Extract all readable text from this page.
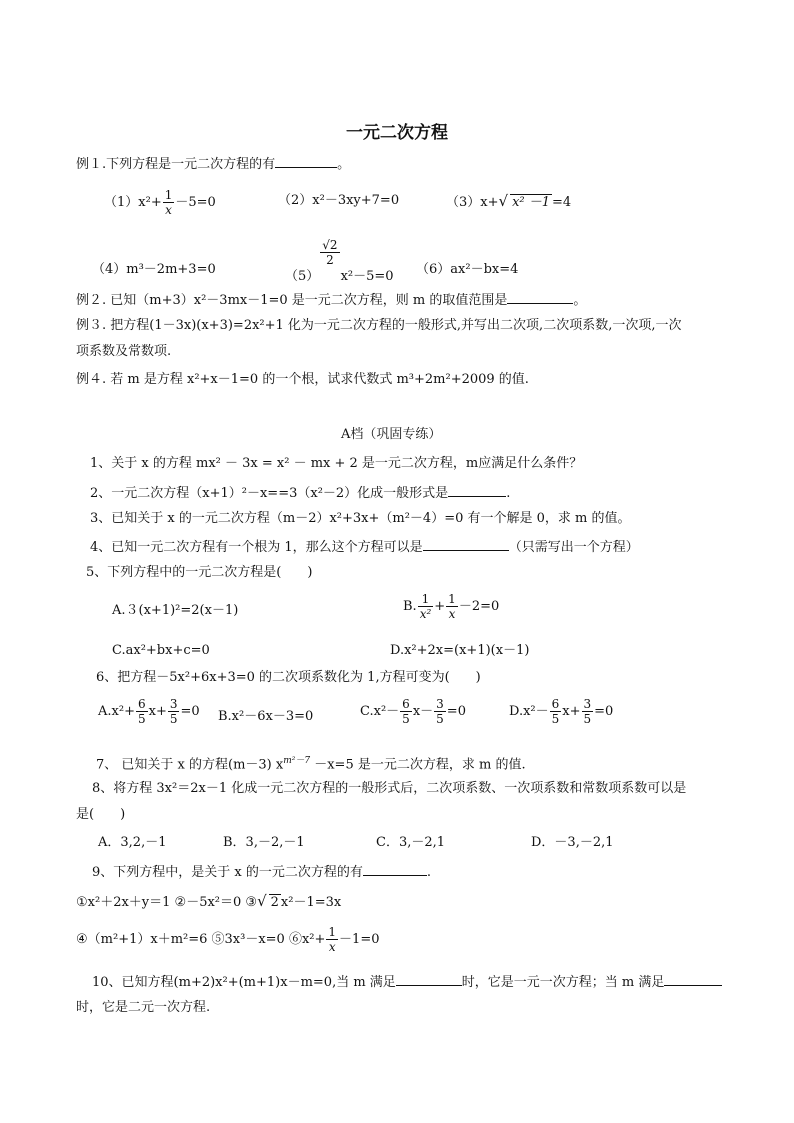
一元二次方程
例１.下列方程是一元二次方程的有	。
$(1)x^2+ \frac{1}{x} -5=0$	（2）x²－3xy+7=0	（3）x+√ x² －1 =4
（4）m³－2m+3=0	（5）
$\frac{√2}{2}$
x²－5=0 （6）ax²－bx=4
例２. 已知（m+3）x²－3mx－1=0 是一元二次方程，则 m 的取值范围是	。
例３. 把方程(1－3x)(x+3)=2x²+1 化为一元二次方程的一般形式,并写出二次项,二次项系数,一次项,一次
项系数及常数项.
例４. 若 m 是方程 x²+x－1=0 的一个根，试求代数式 m³+2m²+2009 的值.
A档（巩固专练）
1、关于 x 的方程 mx² － 3x = x² － mx + 2 是一元二次方程，m应满足什么条件？
2、一元二次方程（x+1）²－x==3（x²－2）化成一般形式是	.
3、已知关于 x 的一元二次方程（m－2）x²+3x+（m²－4）=0 有一个解是 0，求 m 的值。
4、已知一元二次方程有一个根为 1，那么这个方程可以是	（只需写出一个方程）
5、下列方程中的一元二次方程是(　　)
A.３(x+1)²=2(x－1)	B. $\frac{1}{\text{x²}} + \frac{1}{x} -2=0$
C.ax²+bx+c=0	D.x²+2x=(x+1)(x－1)
6、把方程－5x²+6x+3=0 的二次项系数化为 1,方程可变为(　　)
$A.x^2+ \frac{6}{5} x+ \frac{3}{5} =0$ B.x²－6x－3=0	$C.x^2- \frac{6}{5} x- \frac{3}{5} =0$	$D.x^2- \frac{6}{5} x+ \frac{3}{5} =0$
7、 已知关于 x 的方程(m－3) $x^{m^2-7} -x=5$ 是一元二次方程，求 m 的值.
8、将方程 3x²＝2x－1 化成一元二次方程的一般形式后，二次项系数、一次项系数和常数项系数可以是
是(　　)
A．3,2,－1	B．3,－2,－1	C．3,－2,1	D．－3,－2,1
9、下列方程中，是关于 x 的一元二次方程的有	.
①x²＋2x＋y＝1 ②－5x²＝0 ③√ 2 x²－1=3x
④（m²+1）x＋m²=6 ⑤3x³－x=0 ⑥x²+ $\frac{1}{x} -1=0$
10、已知方程(m+2)x²+(m+1)x－m=0,当 m 满足	时，它是一元一次方程；当 m 满足
时，它是二元一次方程.
